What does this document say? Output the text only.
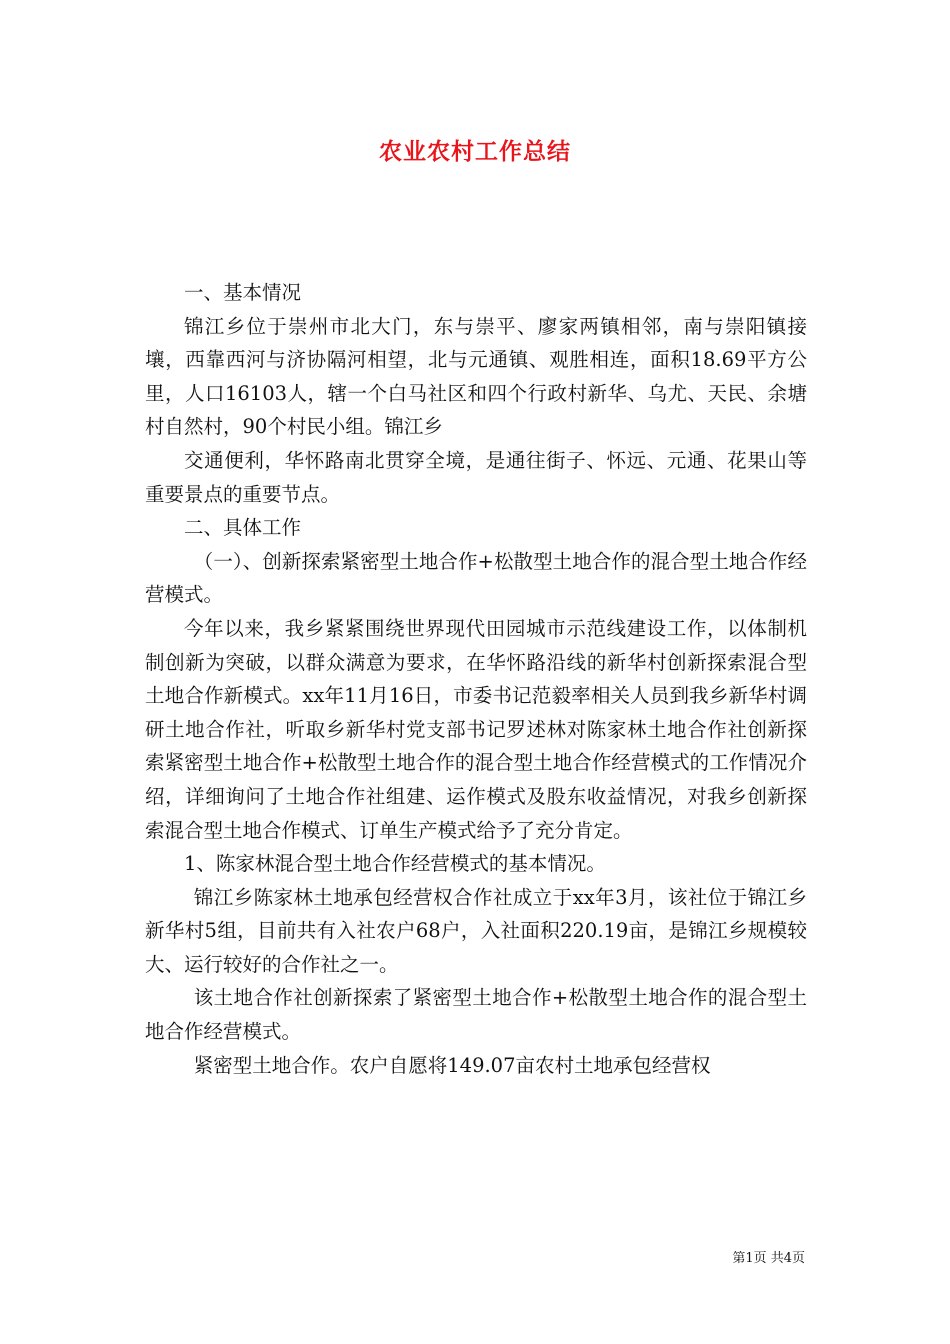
农业农村工作总结

一、基本情况

锦江乡位于崇州市北大门，东与崇平、廖家两镇相邻，南与崇阳镇接壤，西靠西河与济协隔河相望，北与元通镇、观胜相连，面积18.69平方公里，人口16103人，辖一个白马社区和四个行政村新华、乌尤、天民、余塘村自然村，90个村民小组。锦江乡

交通便利，华怀路南北贯穿全境，是通往街子、怀远、元通、花果山等重要景点的重要节点。

二、具体工作

（一）、创新探索紧密型土地合作+松散型土地合作的混合型土地合作经营模式。

今年以来，我乡紧紧围绕世界现代田园城市示范线建设工作，以体制机制创新为突破，以群众满意为要求，在华怀路沿线的新华村创新探索混合型土地合作新模式。xx年11月16日，市委书记范毅率相关人员到我乡新华村调研土地合作社，听取乡新华村党支部书记罗述林对陈家林土地合作社创新探索紧密型土地合作+松散型土地合作的混合型土地合作经营模式的工作情况介绍，详细询问了土地合作社组建、运作模式及股东收益情况，对我乡创新探索混合型土地合作模式、订单生产模式给予了充分肯定。

1、陈家林混合型土地合作经营模式的基本情况。

锦江乡陈家林土地承包经营权合作社成立于xx年3月，该社位于锦江乡新华村5组，目前共有入社农户68户，入社面积220.19亩，是锦江乡规模较大、运行较好的合作社之一。

该土地合作社创新探索了紧密型土地合作+松散型土地合作的混合型土地合作经营模式。

紧密型土地合作。农户自愿将149.07亩农村土地承包经营权

第1页 共4页
